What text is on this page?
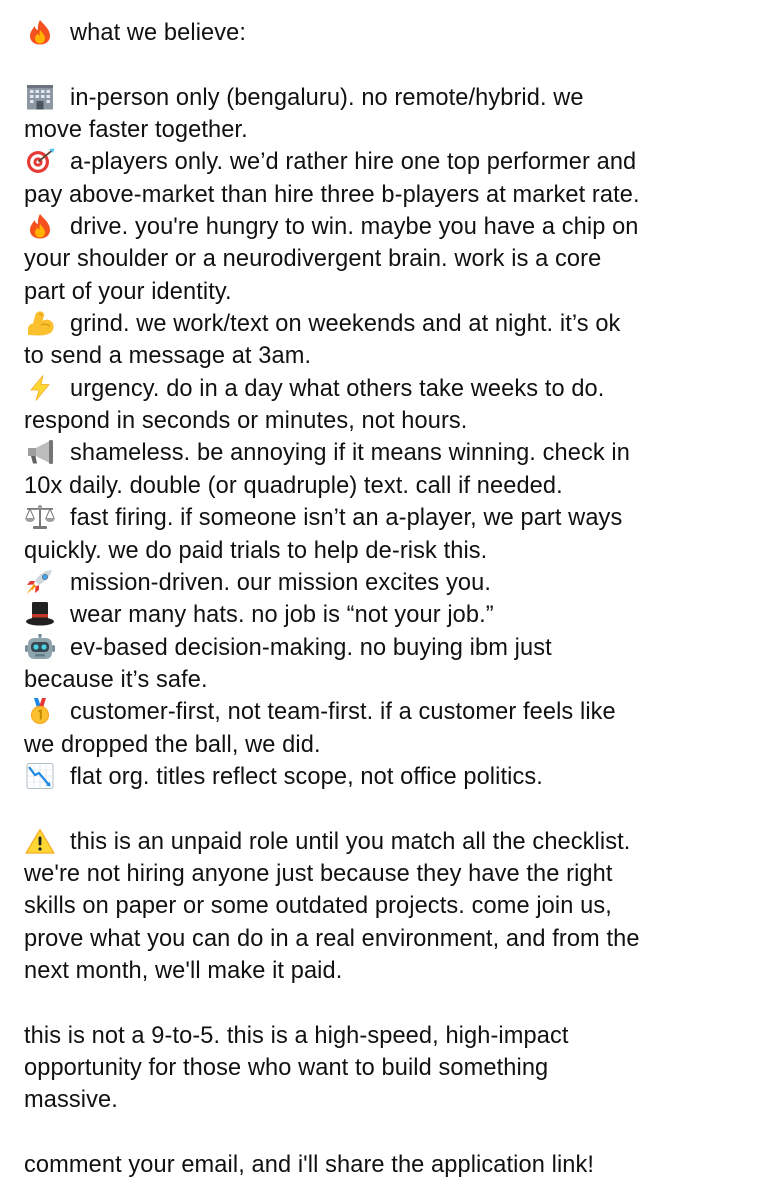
what we believe:
in-person only (bengaluru). no remote/hybrid. we
move faster together.
a-players only. we’d rather hire one top performer and
pay above-market than hire three b-players at market rate.
drive. you're hungry to win. maybe you have a chip on
your shoulder or a neurodivergent brain. work is a core
part of your identity.
grind. we work/text on weekends and at night. it’s ok
to send a message at 3am.
urgency. do in a day what others take weeks to do.
respond in seconds or minutes, not hours.
shameless. be annoying if it means winning. check in
10x daily. double (or quadruple) text. call if needed.
fast firing. if someone isn’t an a-player, we part ways
quickly. we do paid trials to help de-risk this.
mission-driven. our mission excites you.
wear many hats. no job is “not your job.”
ev-based decision-making. no buying ibm just
because it’s safe.
customer-first, not team-first. if a customer feels like
we dropped the ball, we did.
flat org. titles reflect scope, not office politics.
this is an unpaid role until you match all the checklist.
we're not hiring anyone just because they have the right
skills on paper or some outdated projects. come join us,
prove what you can do in a real environment, and from the
next month, we'll make it paid.
this is not a 9-to-5. this is a high-speed, high-impact
opportunity for those who want to build something
massive.
comment your email, and i'll share the application link!
